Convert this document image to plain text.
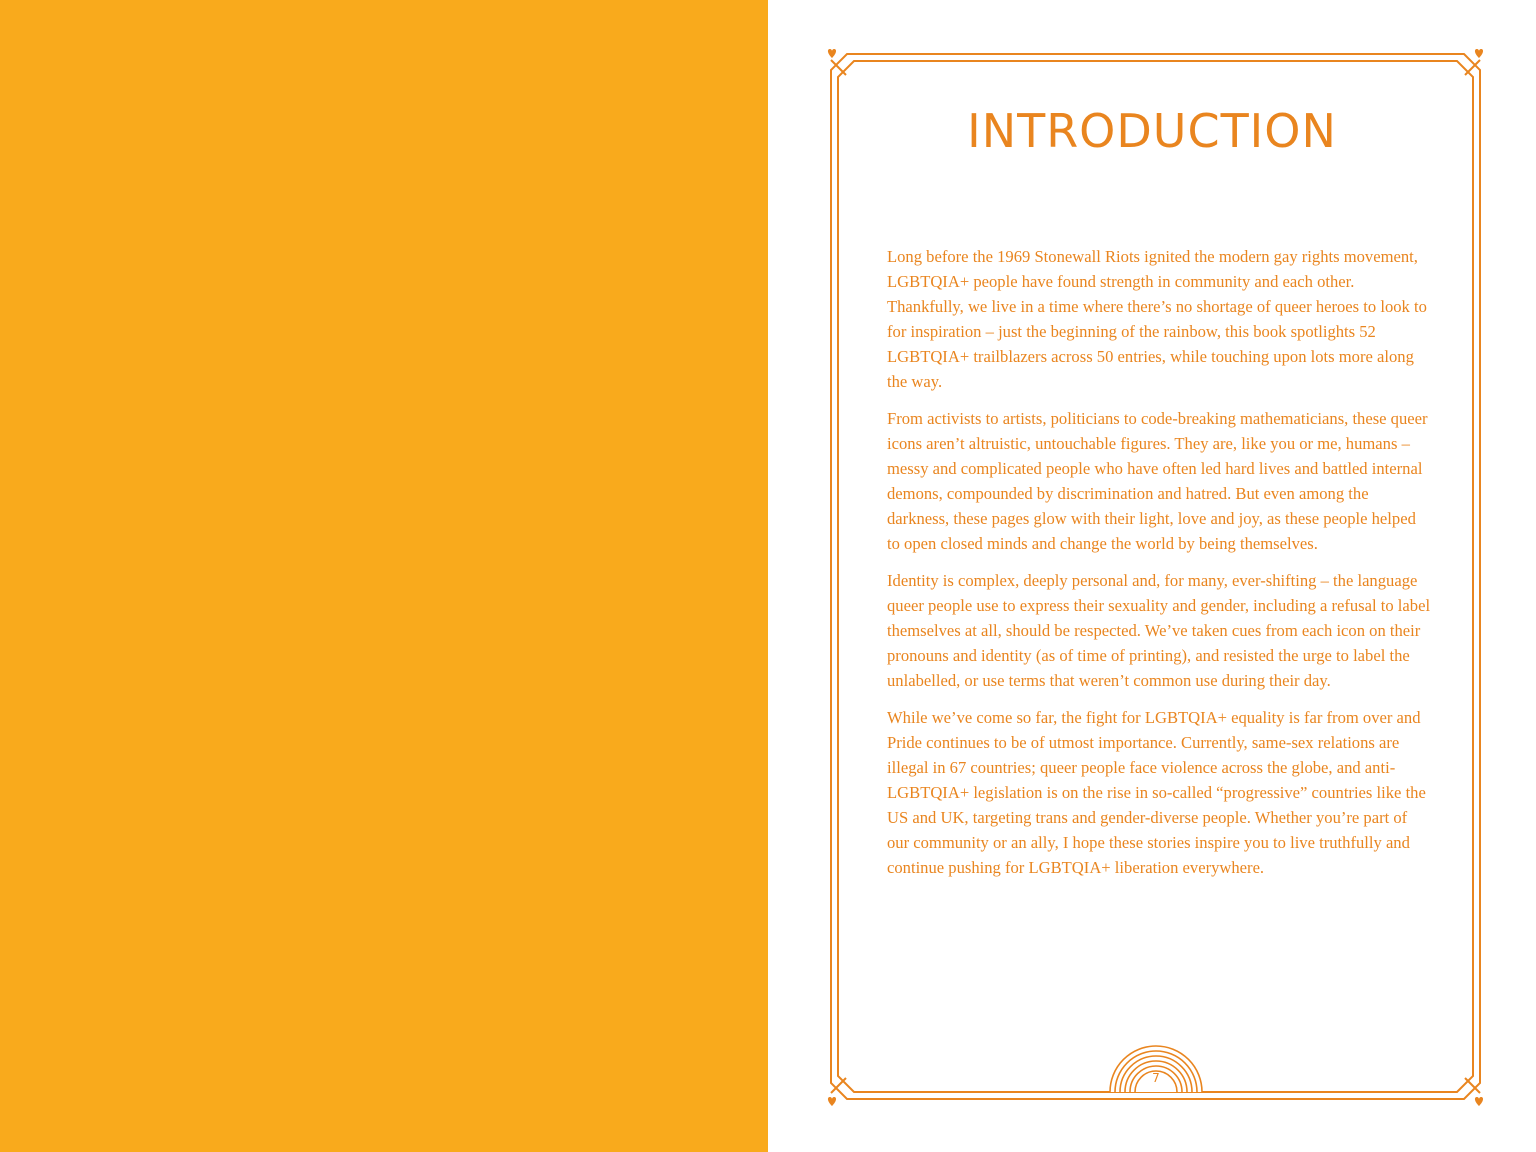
INTRODUCTION

Long before the 1969 Stonewall Riots ignited the modern gay rights movement, LGBTQIA+ people have found strength in community and each other. Thankfully, we live in a time where there’s no shortage of queer heroes to look to for inspiration – just the beginning of the rainbow, this book spotlights 52 LGBTQIA+ trailblazers across 50 entries, while touching upon lots more along the way.

From activists to artists, politicians to code-breaking mathematicians, these queer icons aren’t altruistic, untouchable figures. They are, like you or me, humans – messy and complicated people who have often led hard lives and battled internal demons, compounded by discrimination and hatred. But even among the darkness, these pages glow with their light, love and joy, as these people helped to open closed minds and change the world by being themselves.

Identity is complex, deeply personal and, for many, ever-shifting – the language queer people use to express their sexuality and gender, including a refusal to label themselves at all, should be respected. We’ve taken cues from each icon on their pronouns and identity (as of time of printing), and resisted the urge to label the unlabelled, or use terms that weren’t common use during their day.

While we’ve come so far, the fight for LGBTQIA+ equality is far from over and Pride continues to be of utmost importance. Currently, same-sex relations are illegal in 67 countries; queer people face violence across the globe, and anti-LGBTQIA+ legislation is on the rise in so-called “progressive” countries like the US and UK, targeting trans and gender-diverse people. Whether you’re part of our community or an ally, I hope these stories inspire you to live truthfully and continue pushing for LGBTQIA+ liberation everywhere.

7
